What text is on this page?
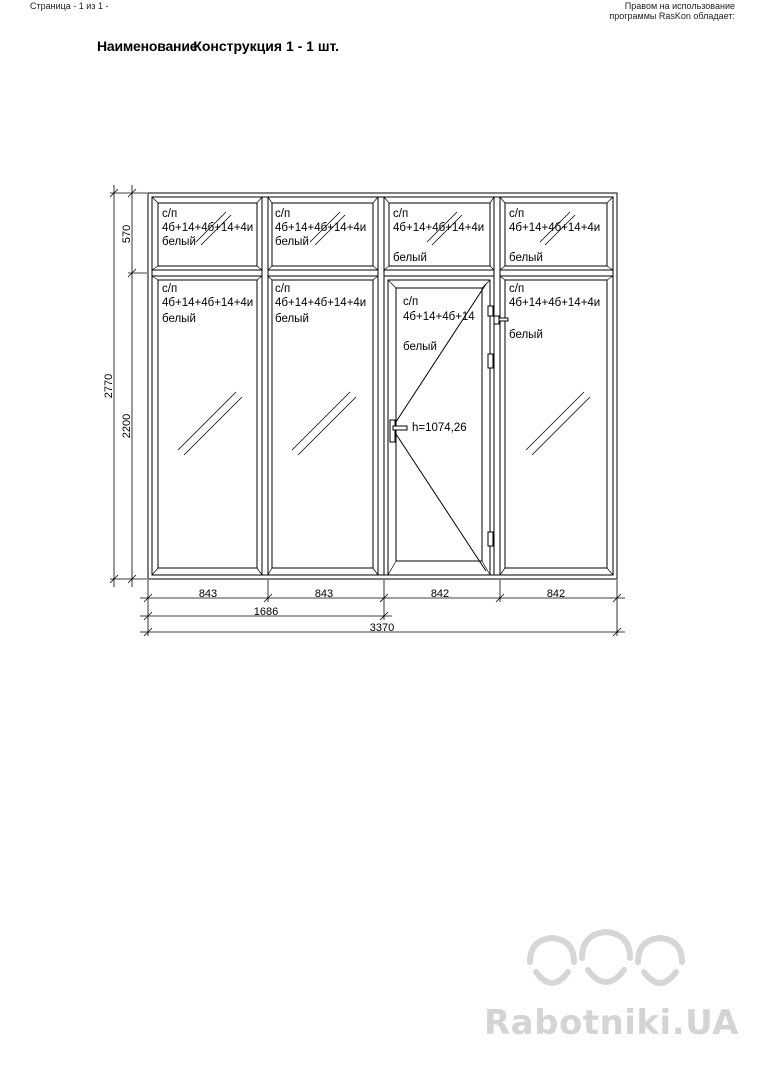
Страница - 1 из 1 -	Правом на использование
программы RasKon обладает:
НаименованиеКонструкция 1 - 1 шт.
с/п
4б+14+4б+14+4и
белый
с/п
4б+14+4б+14+4и
белый
с/п
4б+14+4б+14+4и
белый
с/п
4б+14+4б+14+4и
белый
с/п
4б+14+4б+14+4и
белый
с/п
4б+14+4б+14+4и
белый
с/п
4б+14+4б+14
белый
h=1074,26
с/п
4б+14+4б+14+4и
белый
843	843	842	842
1686
3370
570
2200
2770
Rabotniki.UA
